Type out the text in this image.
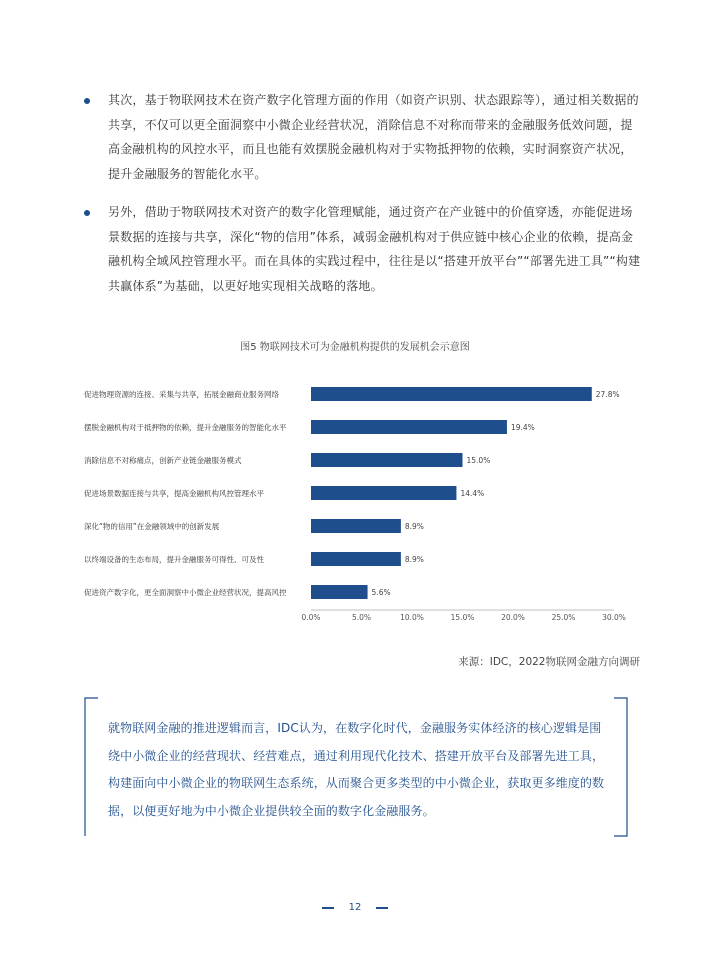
其次，基于物联网技术在资产数字化管理方面的作用（如资产识别、状态跟踪等），通过相关数据的共享，不仅可以更全面洞察中小微企业经营状况，消除信息不对称而带来的金融服务低效问题，提高金融机构的风控水平，而且也能有效摆脱金融机构对于实物抵押物的依赖，实时洞察资产状况，提升金融服务的智能化水平。
另外，借助于物联网技术对资产的数字化管理赋能，通过资产在产业链中的价值穿透，亦能促进场景数据的连接与共享，深化“物的信用”体系，减弱金融机构对于供应链中核心企业的依赖，提高金融机构全域风控管理水平。而在具体的实践过程中，往往是以“搭建开放平台”“部署先进工具”“构建共赢体系”为基础，以更好地实现相关战略的落地。
图5 物联网技术可为金融机构提供的发展机会示意图
促进物理资源的连接、采集与共享，拓展金融商业服务网络	27.8%
摆脱金融机构对于抵押物的依赖，提升金融服务的智能化水平	19.4%
消除信息不对称痛点，创新产业链金融服务模式	15.0%
促进场景数据连接与共享，提高金融机构风控管理水平	14.4%
深化“物的信用”在金融领域中的创新发展	8.9%
以终端设备的生态布局，提升金融服务可得性、可及性	8.9%
促进资产数字化，更全面洞察中小微企业经营状况，提高风控	5.6%
0.0%	5.0%	10.0%	15.0%	20.0%	25.0%	30.0%
来源：IDC，2022物联网金融方向调研
就物联网金融的推进逻辑而言，IDC认为，在数字化时代，金融服务实体经济的核心逻辑是围绕中小微企业的经营现状、经营难点，通过利用现代化技术、搭建开放平台及部署先进工具，构建面向中小微企业的物联网生态系统，从而聚合更多类型的中小微企业，获取更多维度的数据，以便更好地为中小微企业提供较全面的数字化金融服务。
12
